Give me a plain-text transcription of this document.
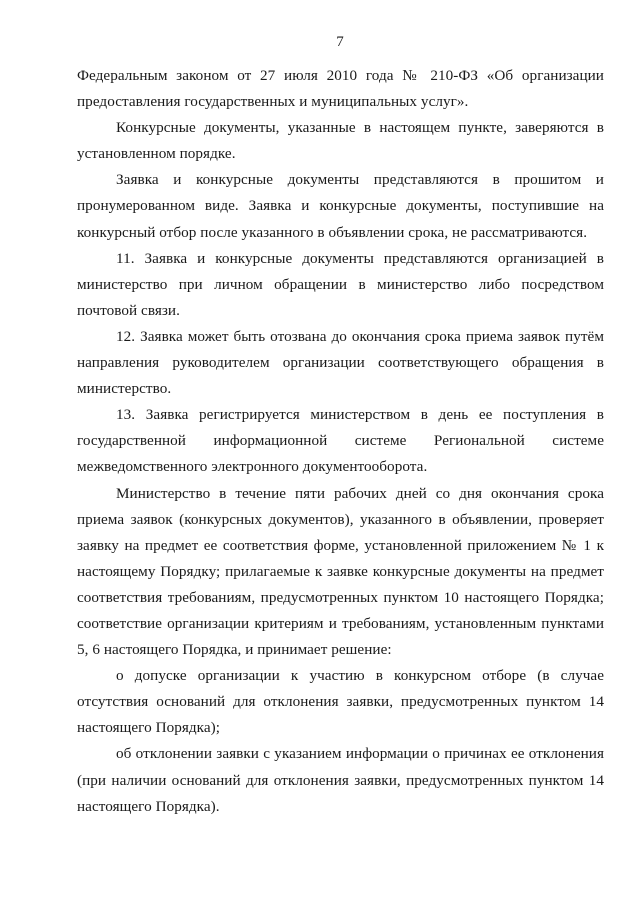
7

Федеральным законом от 27 июля 2010 года № 210-ФЗ «Об организации предоставления государственных и муниципальных услуг».

Конкурсные документы, указанные в настоящем пункте, заверяются в установленном порядке.

Заявка и конкурсные документы представляются в прошитом и пронумерованном виде. Заявка и конкурсные документы, поступившие на конкурсный отбор после указанного в объявлении срока, не рассматриваются.

11. Заявка и конкурсные документы представляются организацией в министерство при личном обращении в министерство либо посредством почтовой связи.

12. Заявка может быть отозвана до окончания срока приема заявок путём направления руководителем организации соответствующего обращения в министерство.

13. Заявка регистрируется министерством в день ее поступления в государственной информационной системе Региональной системе межведомственного электронного документооборота.

Министерство в течение пяти рабочих дней со дня окончания срока приема заявок (конкурсных документов), указанного в объявлении, проверяет заявку на предмет ее соответствия форме, установленной приложением № 1 к настоящему Порядку; прилагаемые к заявке конкурсные документы на предмет соответствия требованиям, предусмотренных пунктом 10 настоящего Порядка; соответствие организации критериям и требованиям, установленным пунктами 5, 6 настоящего Порядка, и принимает решение:

о допуске организации к участию в конкурсном отборе (в случае отсутствия оснований для отклонения заявки, предусмотренных пунктом 14 настоящего Порядка);

об отклонении заявки с указанием информации о причинах ее отклонения (при наличии оснований для отклонения заявки, предусмотренных пунктом 14 настоящего Порядка).
